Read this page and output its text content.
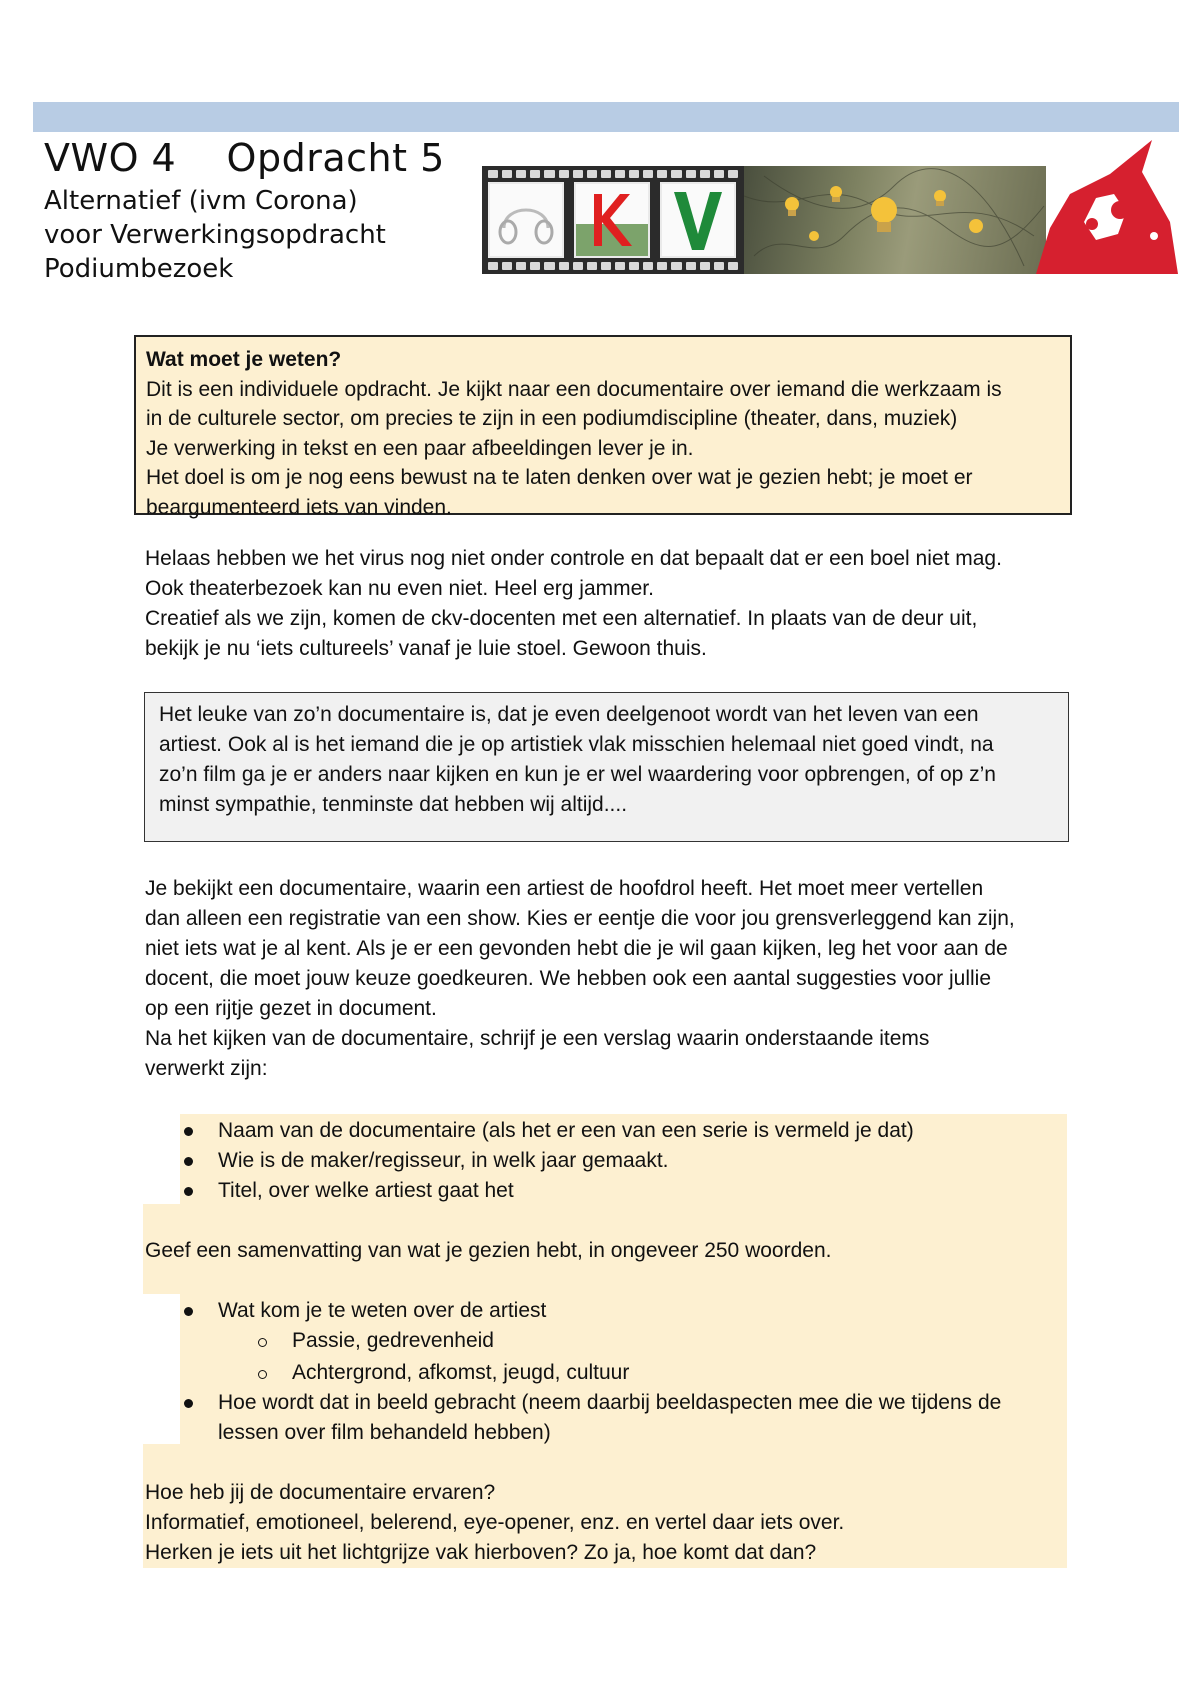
VWO 4    Opdracht 5
Alternatief (ivm Corona)
voor Verwerkingsopdracht
Podiumbezoek
Wat moet je weten?
Dit is een individuele opdracht. Je kijkt naar een documentaire over iemand die werkzaam is
in de culturele sector, om precies te zijn in een podiumdiscipline (theater, dans, muziek)
Je verwerking in tekst en een paar afbeeldingen lever je in.
Het doel is om je nog eens bewust na te laten denken over wat je gezien hebt; je moet er
beargumenteerd iets van vinden.
Helaas hebben we het virus nog niet onder controle en dat bepaalt dat er een boel niet mag.
Ook theaterbezoek kan nu even niet. Heel erg jammer.
Creatief als we zijn, komen de ckv-docenten met een alternatief. In plaats van de deur uit,
bekijk je nu ‘iets cultureels’ vanaf je luie stoel. Gewoon thuis.
Het leuke van zo’n documentaire is, dat je even deelgenoot wordt van het leven van een
artiest. Ook al is het iemand die je op artistiek vlak misschien helemaal niet goed vindt, na
zo’n film ga je er anders naar kijken en kun je er wel waardering voor opbrengen, of op z’n
minst sympathie, tenminste dat hebben wij altijd....
Je bekijkt een documentaire, waarin een artiest de hoofdrol heeft. Het moet meer vertellen
dan alleen een registratie van een show. Kies er eentje die voor jou grensverleggend kan zijn,
niet iets wat je al kent. Als je er een gevonden hebt die je wil gaan kijken, leg het voor aan de
docent, die moet jouw keuze goedkeuren. We hebben ook een aantal suggesties voor jullie
op een rijtje gezet in document.
Na het kijken van de documentaire, schrijf je een verslag waarin onderstaande items
verwerkt zijn:
Naam van de documentaire (als het er een van een serie is vermeld je dat)
Wie is de maker/regisseur, in welk jaar gemaakt.
Titel, over welke artiest gaat het
Geef een samenvatting van wat je gezien hebt, in ongeveer 250 woorden.
Wat kom je te weten over de artiest
Passie, gedrevenheid
Achtergrond, afkomst, jeugd, cultuur
Hoe wordt dat in beeld gebracht (neem daarbij beeldaspecten mee die we tijdens de
lessen over film behandeld hebben)
Hoe heb jij de documentaire ervaren?
Informatief, emotioneel, belerend, eye-opener, enz. en vertel daar iets over.
Herken je iets uit het lichtgrijze vak hierboven? Zo ja, hoe komt dat dan?
